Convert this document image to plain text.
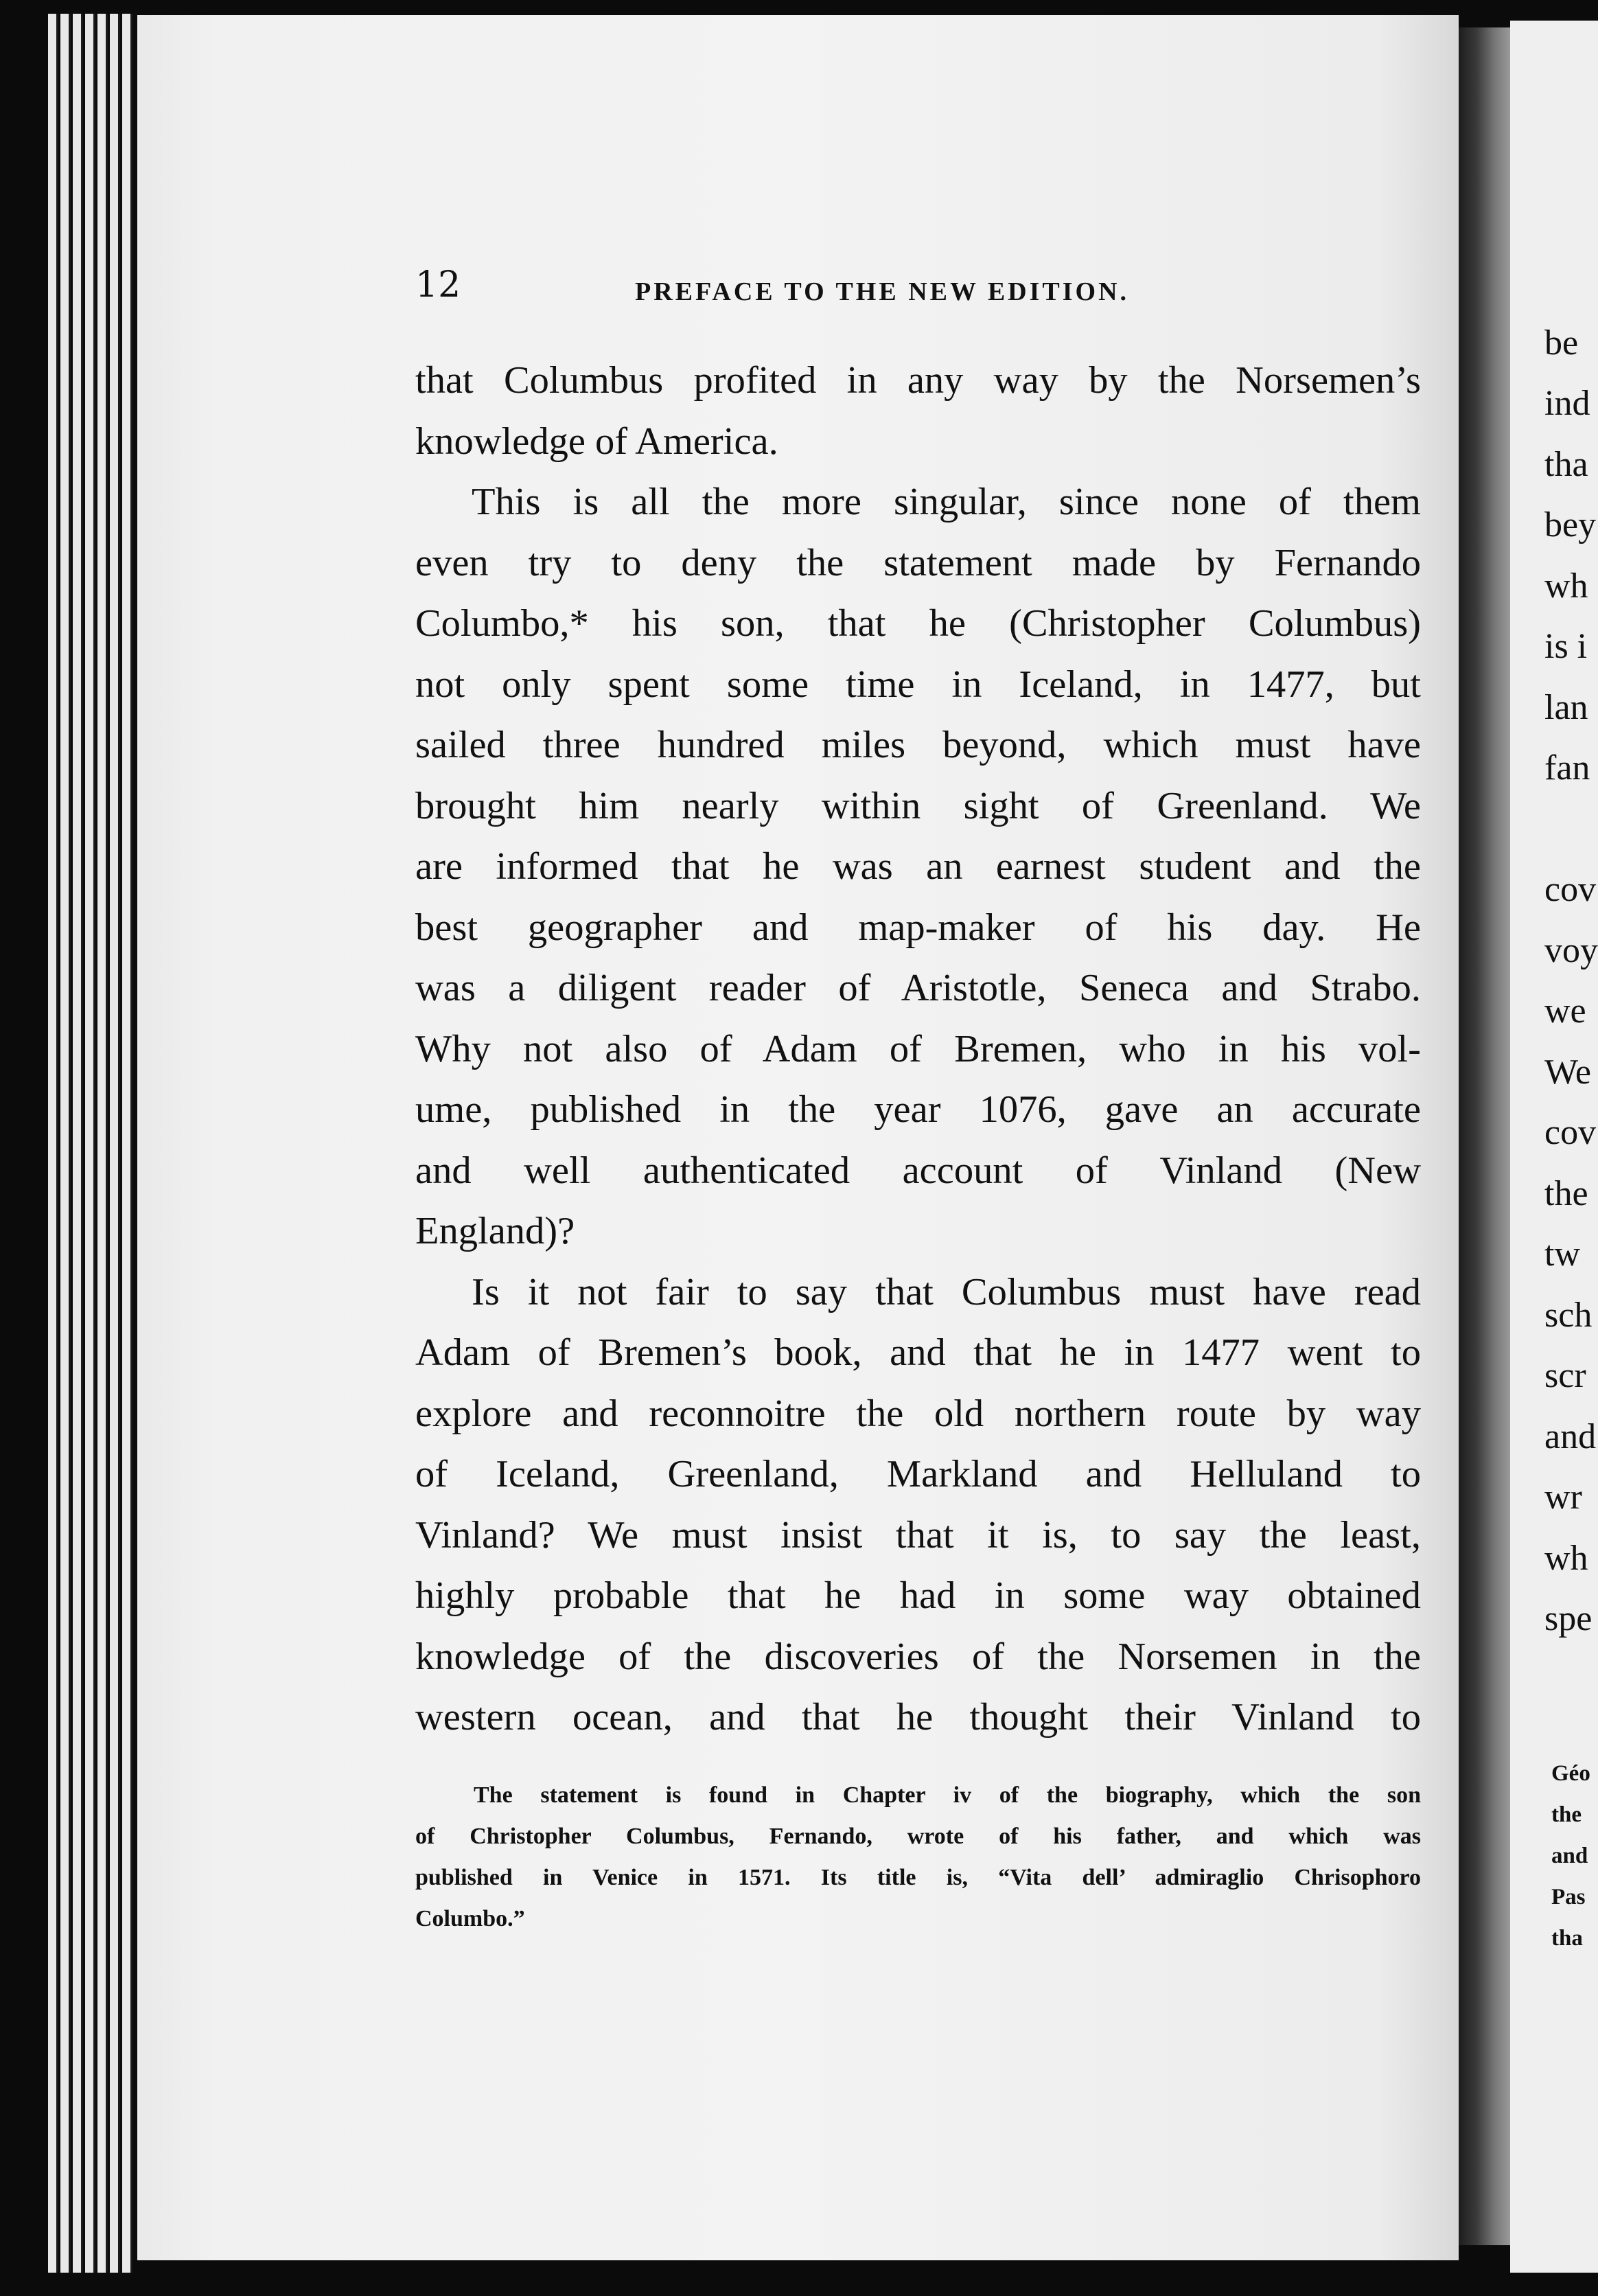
be
ind
tha
bey
wh
is i
lan
fan
cov
voy
we
We
cov
the
tw
sch
scr
and
wr
wh
spe
Géo
the
and
Pas
tha
12	PREFACE TO THE NEW EDITION.
that Columbus profited in any way by the Norsemen’s
knowledge of America.
This is all the more singular, since none of them
even try to deny the statement made by Fernando
Columbo,* his son, that he (Christopher Columbus)
not only spent some time in Iceland, in 1477, but
sailed three hundred miles beyond, which must have
brought him nearly within sight of Greenland. We
are informed that he was an earnest student and the
best geographer and map-maker of his day. He
was a diligent reader of Aristotle, Seneca and Strabo.
Why not also of Adam of Bremen, who in his vol-
ume, published in the year 1076, gave an accurate
and well authenticated account of Vinland (New
England)?
Is it not fair to say that Columbus must have read
Adam of Bremen’s book, and that he in 1477 went to
explore and reconnoitre the old northern route by way
of Iceland, Greenland, Markland and Helluland to
Vinland? We must insist that it is, to say the least,
highly probable that he had in some way obtained
knowledge of the discoveries of the Norsemen in the
western ocean, and that he thought their Vinland to
The statement is found in Chapter iv of the biography, which the son
of Christopher Columbus, Fernando, wrote of his father, and which was
published in Venice in 1571. Its title is, “Vita dell’ admiraglio Chrisophoro
Columbo.”
